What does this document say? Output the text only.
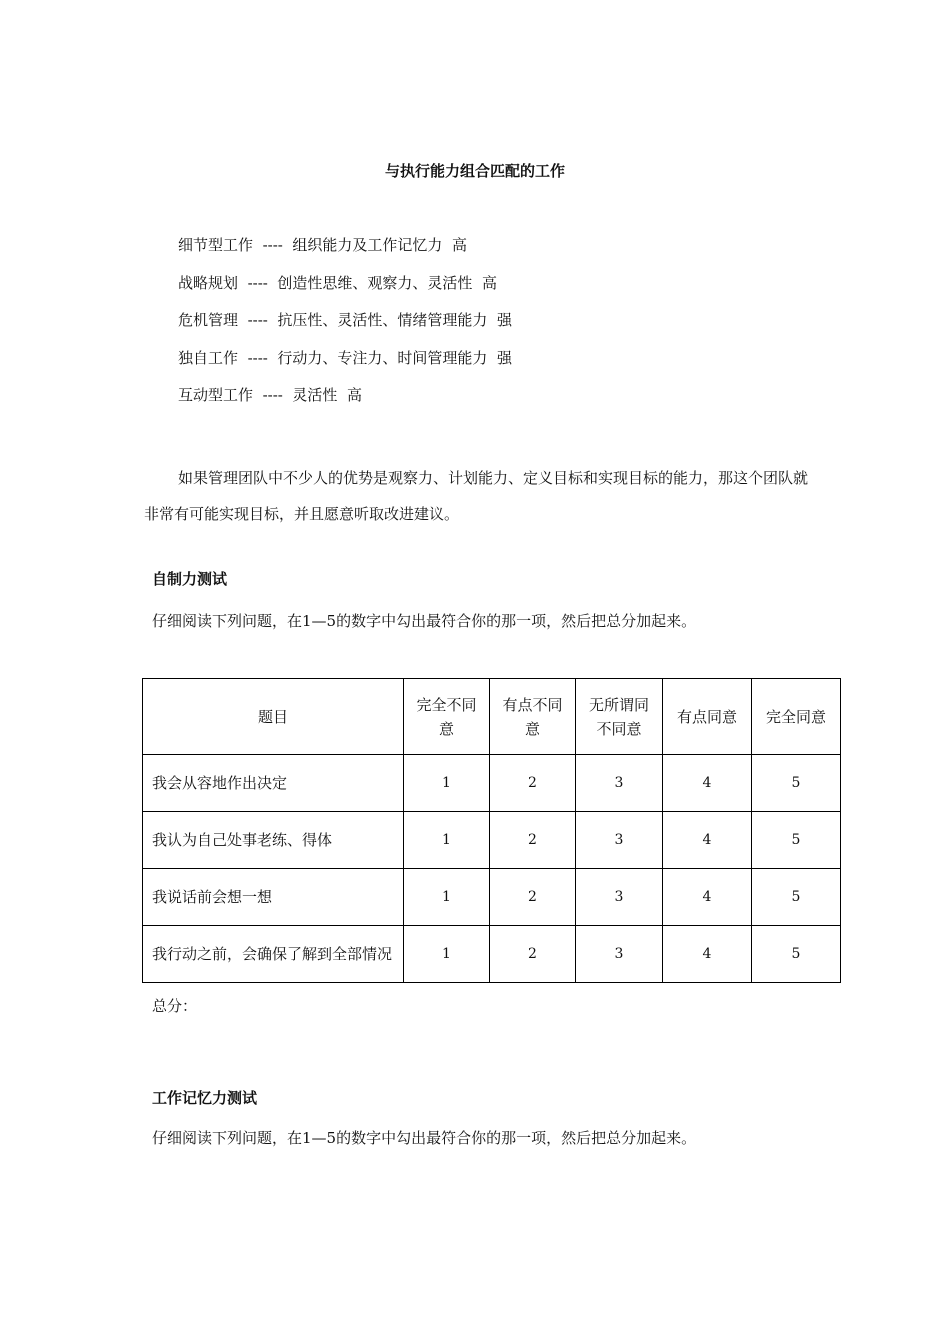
与执行能力组合匹配的工作
细节型工作 ---- 组织能力及工作记忆力 高
战略规划 ---- 创造性思维、观察力、灵活性 高
危机管理 ---- 抗压性、灵活性、情绪管理能力 强
独自工作 ---- 行动力、专注力、时间管理能力 强
互动型工作 ---- 灵活性 高
如果管理团队中不少人的优势是观察力、计划能力、定义目标和实现目标的能力，那这个团队就非常有可能实现目标，并且愿意听取改进建议。
自制力测试
仔细阅读下列问题，在1—5的数字中勾出最符合你的那一项，然后把总分加起来。
题目	完全不同意	有点不同意	无所谓同不同意	有点同意	完全同意
我会从容地作出决定	1	2	3	4	5
我认为自己处事老练、得体	1	2	3	4	5
我说话前会想一想	1	2	3	4	5
我行动之前，会确保了解到全部情况	1	2	3	4	5
总分：
工作记忆力测试
仔细阅读下列问题，在1—5的数字中勾出最符合你的那一项，然后把总分加起来。
